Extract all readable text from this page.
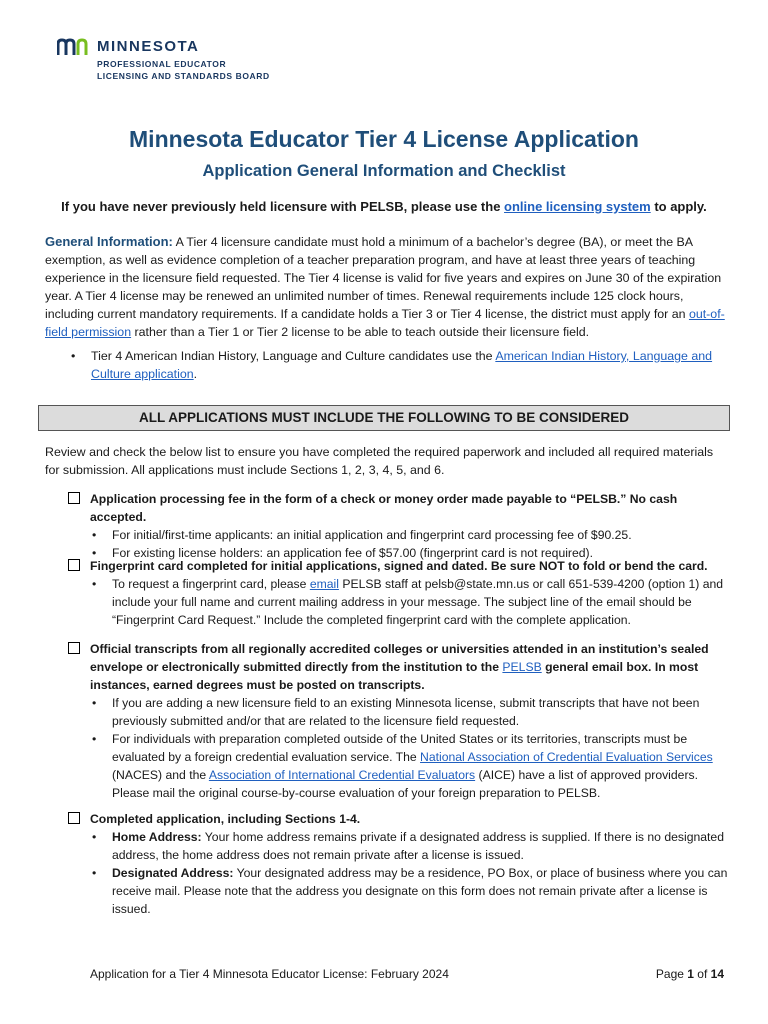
MINNESOTA
PROFESSIONAL EDUCATOR
LICENSING AND STANDARDS BOARD
Minnesota Educator Tier 4 License Application
Application General Information and Checklist
If you have never previously held licensure with PELSB, please use the online licensing system to apply.
General Information: A Tier 4 licensure candidate must hold a minimum of a bachelor’s degree (BA), or meet the BA exemption, as well as evidence completion of a teacher preparation program, and have at least three years of teaching experience in the licensure field requested. The Tier 4 license is valid for five years and expires on June 30 of the expiration year. A Tier 4 license may be renewed an unlimited number of times. Renewal requirements include 125 clock hours, including current mandatory requirements. If a candidate holds a Tier 3 or Tier 4 license, the district must apply for an out-of-field permission rather than a Tier 1 or Tier 2 license to be able to teach outside their licensure field.
• Tier 4 American Indian History, Language and Culture candidates use the American Indian History, Language and Culture application.
ALL APPLICATIONS MUST INCLUDE THE FOLLOWING TO BE CONSIDERED
Review and check the below list to ensure you have completed the required paperwork and included all required materials for submission. All applications must include Sections 1, 2, 3, 4, 5, and 6.
Application processing fee in the form of a check or money order made payable to “PELSB.” No cash accepted.
• For initial/first-time applicants: an initial application and fingerprint card processing fee of $90.25.
• For existing license holders: an application fee of $57.00 (fingerprint card is not required).
Fingerprint card completed for initial applications, signed and dated. Be sure NOT to fold or bend the card.
• To request a fingerprint card, please email PELSB staff at pelsb@state.mn.us or call 651-539-4200 (option 1) and include your full name and current mailing address in your message. The subject line of the email should be “Fingerprint Card Request.” Include the completed fingerprint card with the complete application.
Official transcripts from all regionally accredited colleges or universities attended in an institution’s sealed envelope or electronically submitted directly from the institution to the PELSB general email box. In most instances, earned degrees must be posted on transcripts.
• If you are adding a new licensure field to an existing Minnesota license, submit transcripts that have not been previously submitted and/or that are related to the licensure field requested.
• For individuals with preparation completed outside of the United States or its territories, transcripts must be evaluated by a foreign credential evaluation service. The National Association of Credential Evaluation Services (NACES) and the Association of International Credential Evaluators (AICE) have a list of approved providers. Please mail the original course-by-course evaluation of your foreign preparation to PELSB.
Completed application, including Sections 1-4.
• Home Address: Your home address remains private if a designated address is supplied. If there is no designated address, the home address does not remain private after a license is issued.
• Designated Address: Your designated address may be a residence, PO Box, or place of business where you can receive mail. Please note that the address you designate on this form does not remain private after a license is issued.
Application for a Tier 4 Minnesota Educator License: February 2024	Page 1 of 14
